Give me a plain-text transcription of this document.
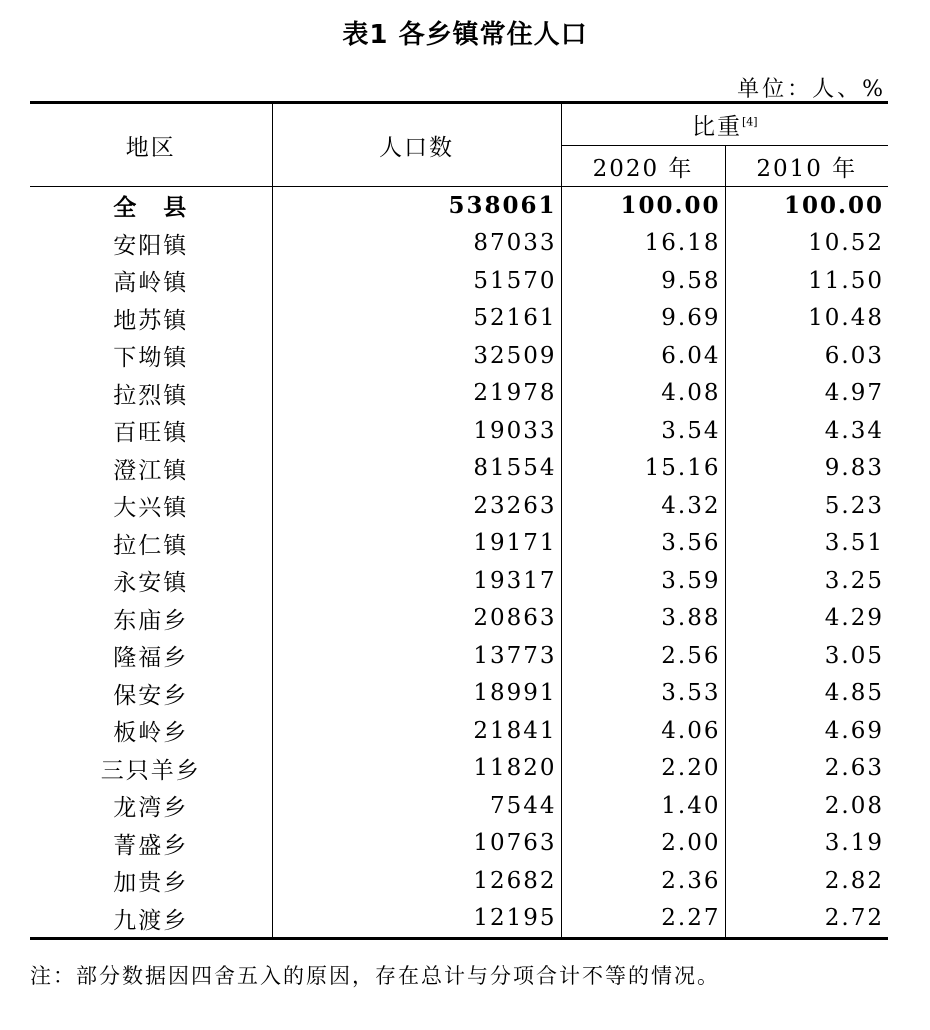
表1 各乡镇常住人口
单位：人、%
地区	人口数	比重[4]
		2020 年	2010 年
全　县	538061	100.00	100.00
安阳镇	87033	16.18	10.52
高岭镇	51570	9.58	11.50
地苏镇	52161	9.69	10.48
下坳镇	32509	6.04	6.03
拉烈镇	21978	4.08	4.97
百旺镇	19033	3.54	4.34
澄江镇	81554	15.16	9.83
大兴镇	23263	4.32	5.23
拉仁镇	19171	3.56	3.51
永安镇	19317	3.59	3.25
东庙乡	20863	3.88	4.29
隆福乡	13773	2.56	3.05
保安乡	18991	3.53	4.85
板岭乡	21841	4.06	4.69
三只羊乡	11820	2.20	2.63
龙湾乡	7544	1.40	2.08
菁盛乡	10763	2.00	3.19
加贵乡	12682	2.36	2.82
九渡乡	12195	2.27	2.72
注：部分数据因四舍五入的原因，存在总计与分项合计不等的情况。
